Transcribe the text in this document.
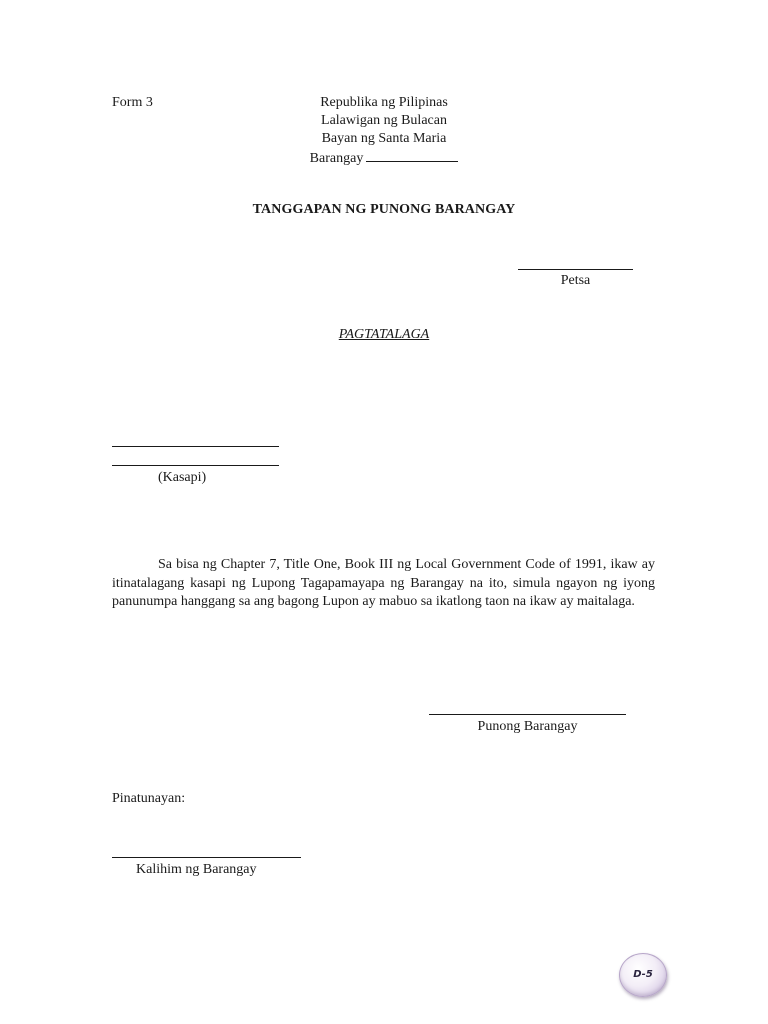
Form 3	Republika ng Pilipinas
Lalawigan ng Bulacan
Bayan ng Santa Maria
Barangay
TANGGAPAN NG PUNONG BARANGAY
Petsa
PAGTATALAGA
(Kasapi)
Sa bisa ng Chapter 7, Title One, Book III ng Local Government Code of 1991, ikaw ay itinatalagang kasapi ng Lupong Tagapamayapa ng Barangay na ito, simula ngayon ng iyong panunumpa hanggang sa ang bagong Lupon ay mabuo sa ikatlong taon na ikaw ay maitalaga.
Punong Barangay
Pinatunayan:
Kalihim ng Barangay
D-5
